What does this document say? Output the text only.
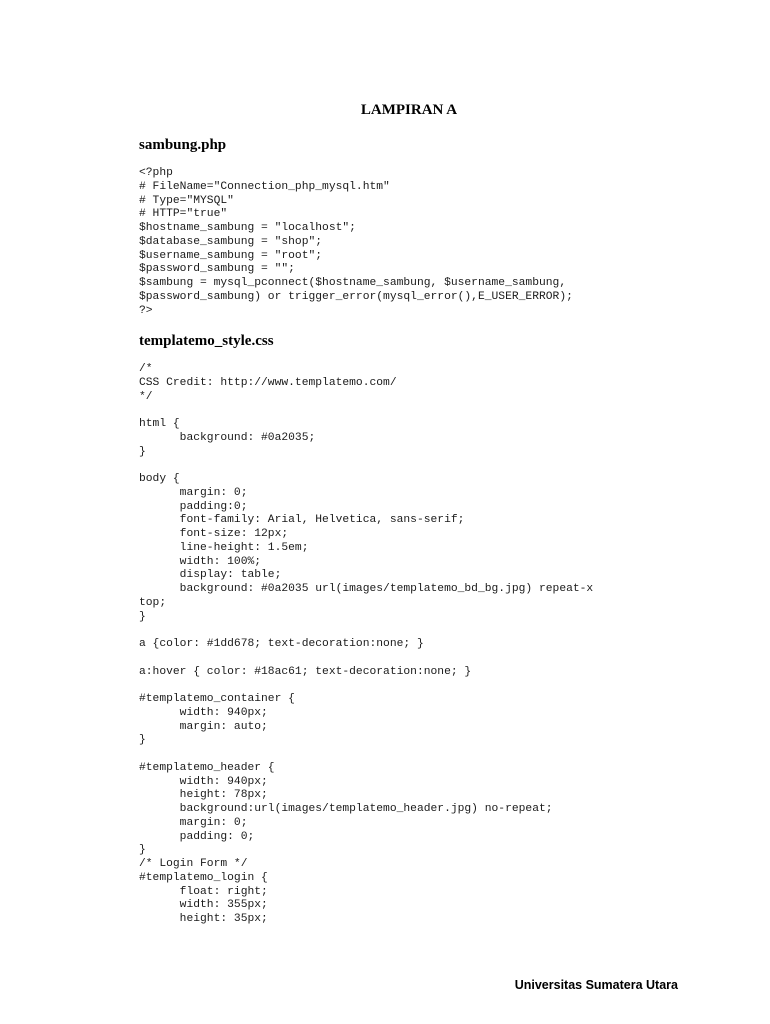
LAMPIRAN A
sambung.php
<?php
# FileName="Connection_php_mysql.htm"
# Type="MYSQL"
# HTTP="true"
$hostname_sambung = "localhost";
$database_sambung = "shop";
$username_sambung = "root";
$password_sambung = "";
$sambung = mysql_pconnect($hostname_sambung, $username_sambung,
$password_sambung) or trigger_error(mysql_error(),E_USER_ERROR);
?>
templatemo_style.css
/*
CSS Credit: http://www.templatemo.com/
*/

html {
background: #0a2035;
}

body {
margin: 0;
padding:0;
font-family: Arial, Helvetica, sans-serif;
font-size: 12px;
line-height: 1.5em;
width: 100%;
display: table;
background: #0a2035 url(images/templatemo_bd_bg.jpg) repeat-x
top;
}

a {color: #1dd678; text-decoration:none; }

a:hover { color: #18ac61; text-decoration:none; }

#templatemo_container {
width: 940px;
margin: auto;
}

#templatemo_header {
width: 940px;
height: 78px;
background:url(images/templatemo_header.jpg) no-repeat;
margin: 0;
padding: 0;
}
/* Login Form */
#templatemo_login {
float: right;
width: 355px;
height: 35px;

Universitas Sumatera Utara
